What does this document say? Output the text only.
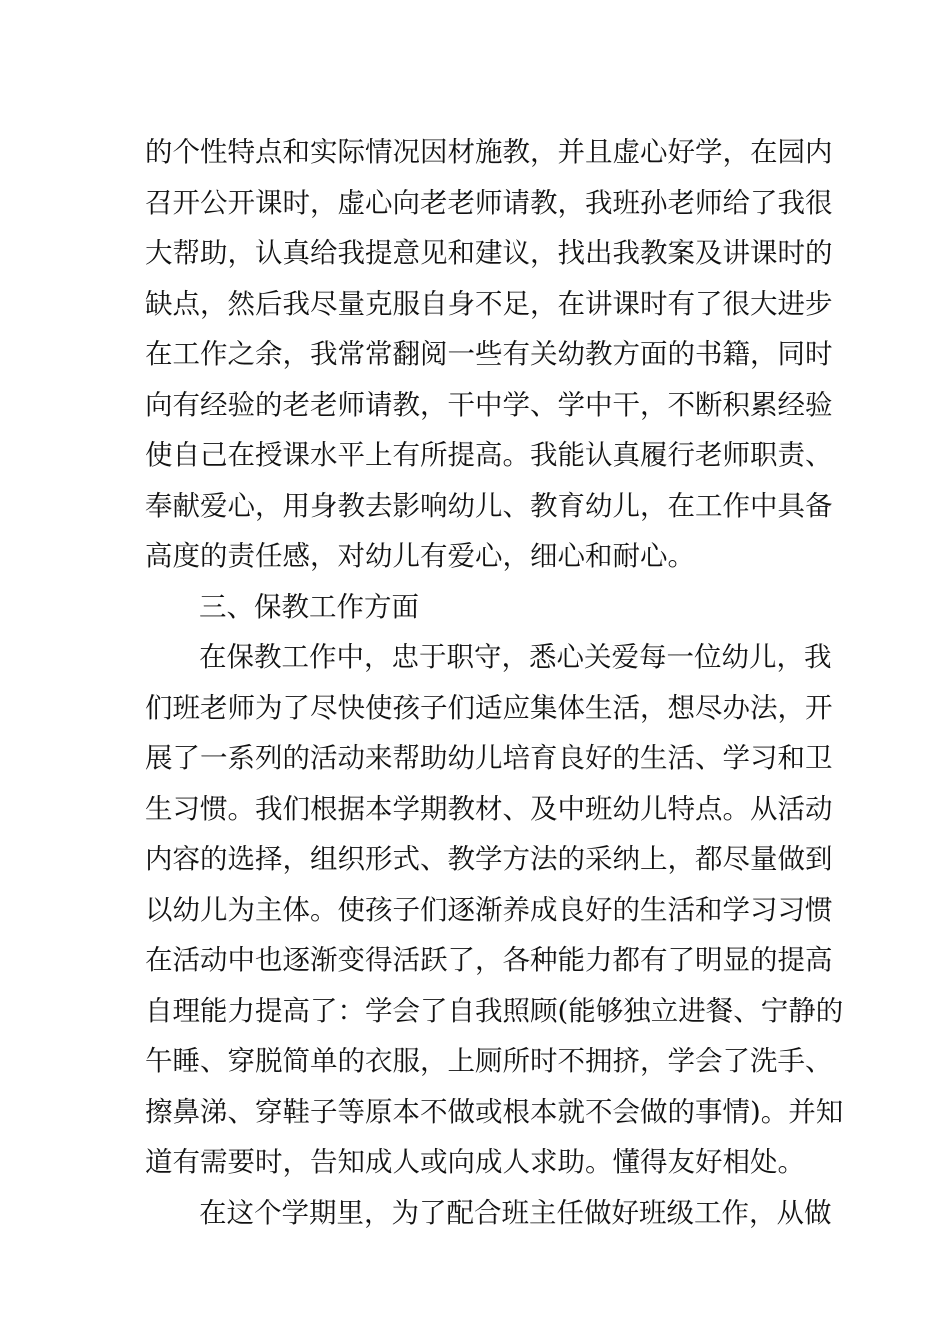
的个性特点和实际情况因材施教，并且虚心好学，在园内
召开公开课时，虚心向老老师请教，我班孙老师给了我很
大帮助，认真给我提意见和建议，找出我教案及讲课时的
缺点，然后我尽量克服自身不足，在讲课时有了很大进步
在工作之余，我常常翻阅一些有关幼教方面的书籍，同时
向有经验的老老师请教，干中学、学中干，不断积累经验
使自己在授课水平上有所提高。我能认真履行老师职责、
奉献爱心，用身教去影响幼儿、教育幼儿，在工作中具备
高度的责任感，对幼儿有爱心，细心和耐心。
三、保教工作方面
在保教工作中，忠于职守，悉心关爱每一位幼儿，我
们班老师为了尽快使孩子们适应集体生活，想尽办法，开
展了一系列的活动来帮助幼儿培育良好的生活、学习和卫
生习惯。我们根据本学期教材、及中班幼儿特点。从活动
内容的选择，组织形式、教学方法的采纳上，都尽量做到
以幼儿为主体。使孩子们逐渐养成良好的生活和学习习惯
在活动中也逐渐变得活跃了，各种能力都有了明显的提高
自理能力提高了：学会了自我照顾(能够独立进餐、宁静的
午睡、穿脱简单的衣服，上厕所时不拥挤，学会了洗手、
擦鼻涕、穿鞋子等原本不做或根本就不会做的事情)。并知
道有需要时，告知成人或向成人求助。懂得友好相处。
在这个学期里，为了配合班主任做好班级工作，从做
